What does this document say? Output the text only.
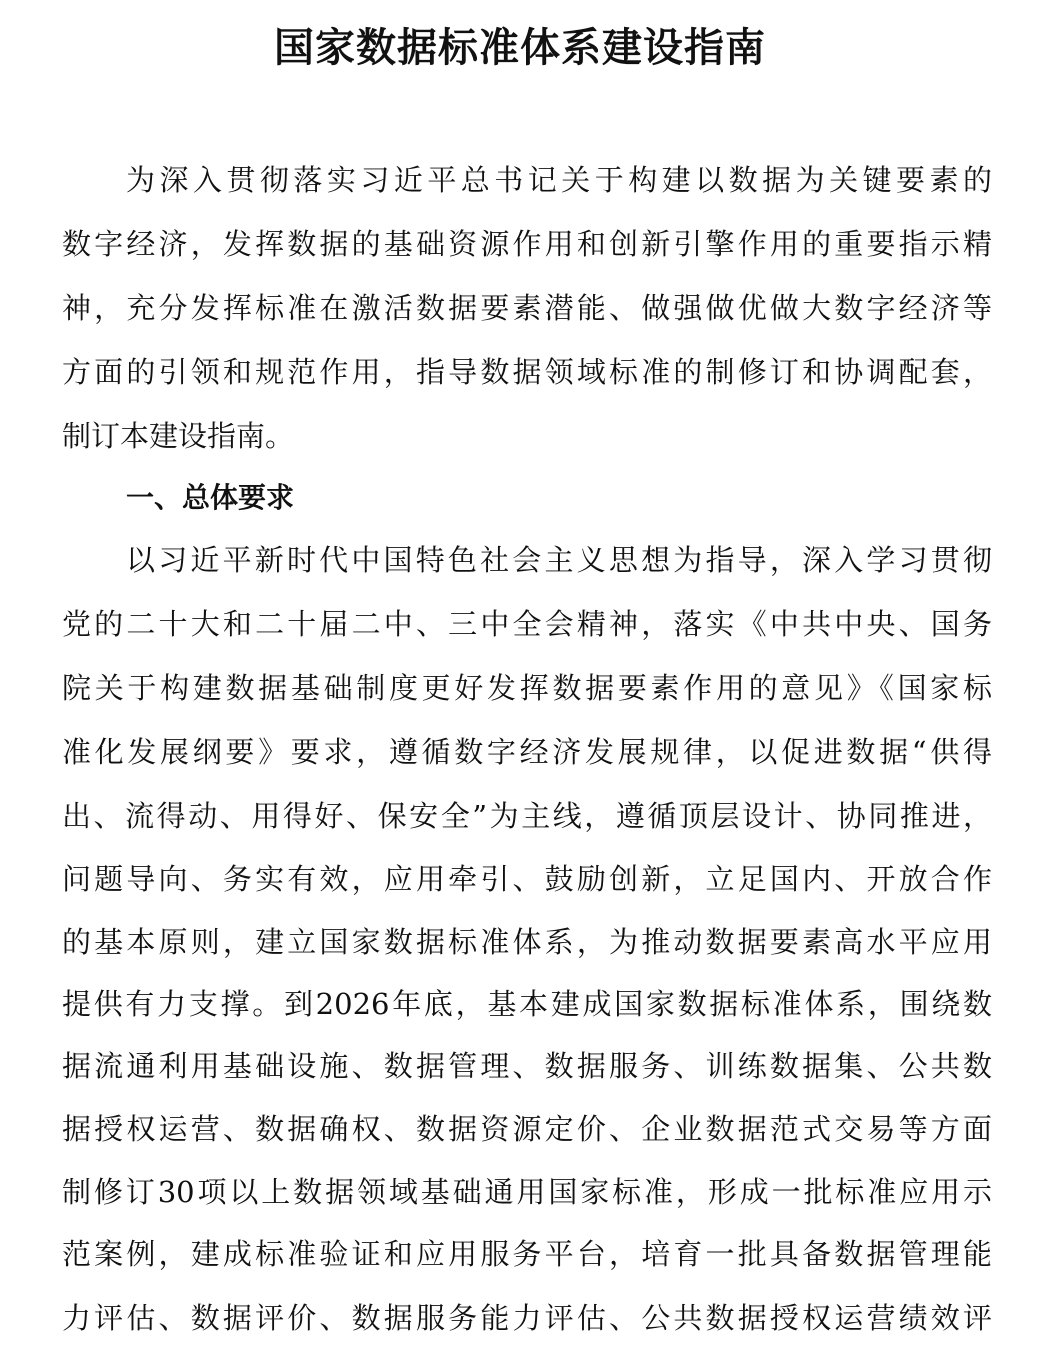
国家数据标准体系建设指南

为深入贯彻落实习近平总书记关于构建以数据为关键要素的

数字经济，发挥数据的基础资源作用和创新引擎作用的重要指示精

神，充分发挥标准在激活数据要素潜能、做强做优做大数字经济等

方面的引领和规范作用，指导数据领域标准的制修订和协调配套，

制订本建设指南。

一、总体要求

以习近平新时代中国特色社会主义思想为指导，深入学习贯彻

党的二十大和二十届二中、三中全会精神，落实《中共中央、国务

院关于构建数据基础制度更好发挥数据要素作用的意见》《国家标

准化发展纲要》要求，遵循数字经济发展规律，以促进数据“供得

出、流得动、用得好、保安全”为主线，遵循顶层设计、协同推进，

问题导向、务实有效，应用牵引、鼓励创新，立足国内、开放合作

的基本原则，建立国家数据标准体系，为推动数据要素高水平应用

提供有力支撑。到2026年底，基本建成国家数据标准体系，围绕数

据流通利用基础设施、数据管理、数据服务、训练数据集、公共数

据授权运营、数据确权、数据资源定价、企业数据范式交易等方面

制修订30项以上数据领域基础通用国家标准，形成一批标准应用示

范案例，建成标准验证和应用服务平台，培育一批具备数据管理能

力评估、数据评价、数据服务能力评估、公共数据授权运营绩效评
